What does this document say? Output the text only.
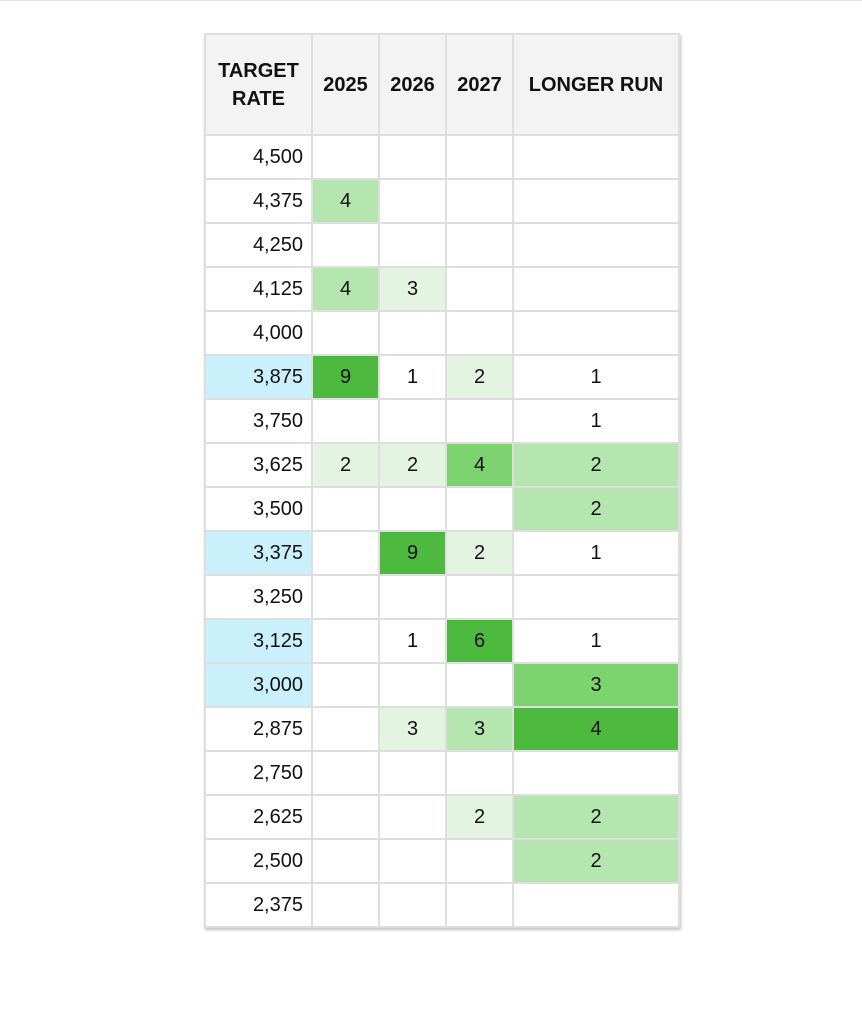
TARGET
RATE	2025	2026	2027	LONGER RUN
4,500				
4,375	4			
4,250				
4,125	4	3		
4,000				
3,875	9	1	2	1
3,750				1
3,625	2	2	4	2
3,500				2
3,375		9	2	1
3,250				
3,125		1	6	1
3,000				3
2,875		3	3	4
2,750				
2,625			2	2
2,500				2
2,375				
